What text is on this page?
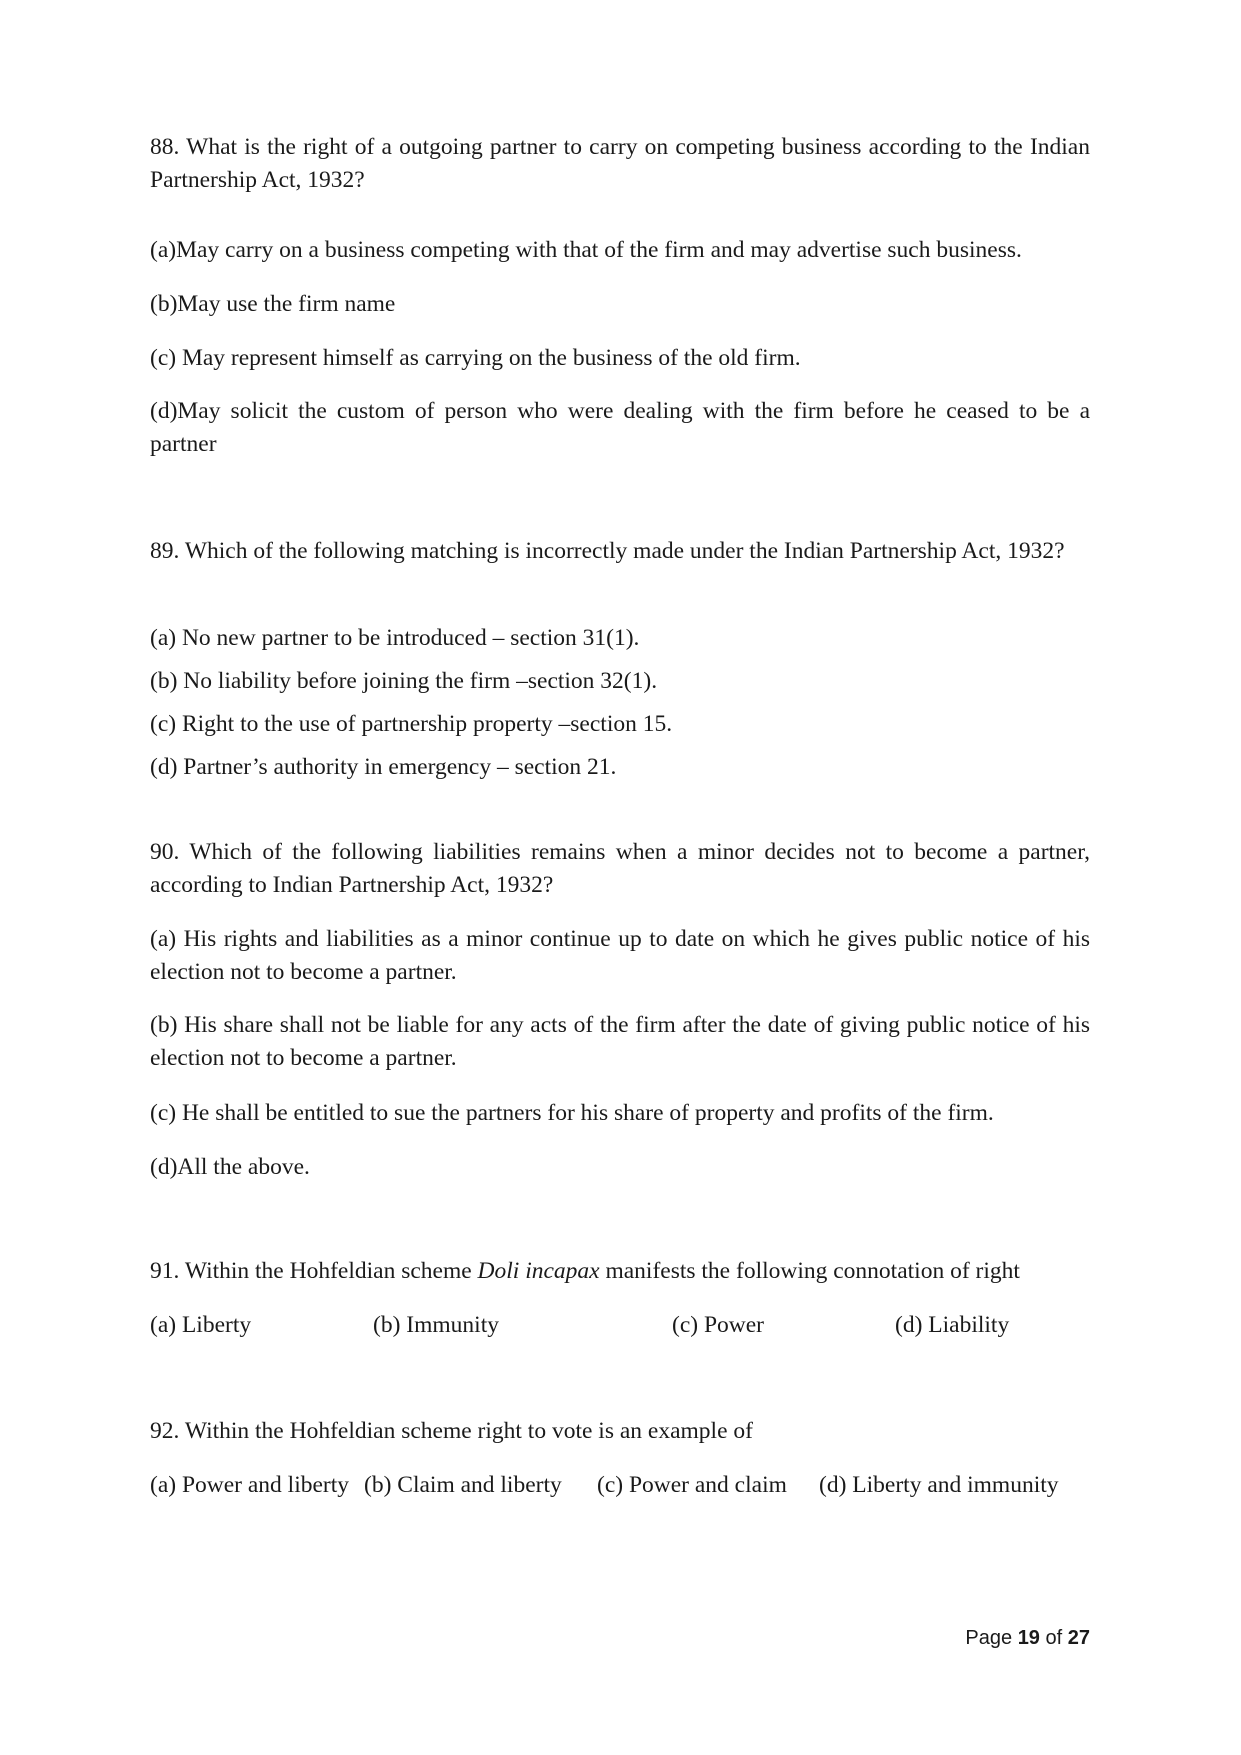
88. What is the right of a outgoing partner to carry on competing business according to the Indian Partnership Act, 1932?

(a)May carry on a business competing with that of the firm and may advertise such business.

(b)May use the firm name

(c) May represent himself as carrying on the business of the old firm.

(d)May solicit the custom of person who were dealing with the firm before he ceased to be a partner

89. Which of the following matching is incorrectly made under the Indian Partnership Act, 1932?

(a) No new partner to be introduced – section 31(1).

(b) No liability before joining the firm –section 32(1).

(c) Right to the use of partnership property –section 15.

(d) Partner’s authority in emergency – section 21.

90. Which of the following liabilities remains when a minor decides not to become a partner, according to Indian Partnership Act, 1932?

(a) His rights and liabilities as a minor continue up to date on which he gives public notice of his election not to become a partner.

(b) His share shall not be liable for any acts of the firm after the date of giving public notice of his election not to become a partner.

(c) He shall be entitled to sue the partners for his share of property and profits of the firm.

(d)All the above.

91. Within the Hohfeldian scheme Doli incapax manifests the following connotation of right

(a) Liberty	(b) Immunity	(c) Power	(d) Liability

92. Within the Hohfeldian scheme right to vote is an example of

(a) Power and liberty (b) Claim and liberty (c) Power and claim (d) Liberty and immunity
Page 19 of 27
